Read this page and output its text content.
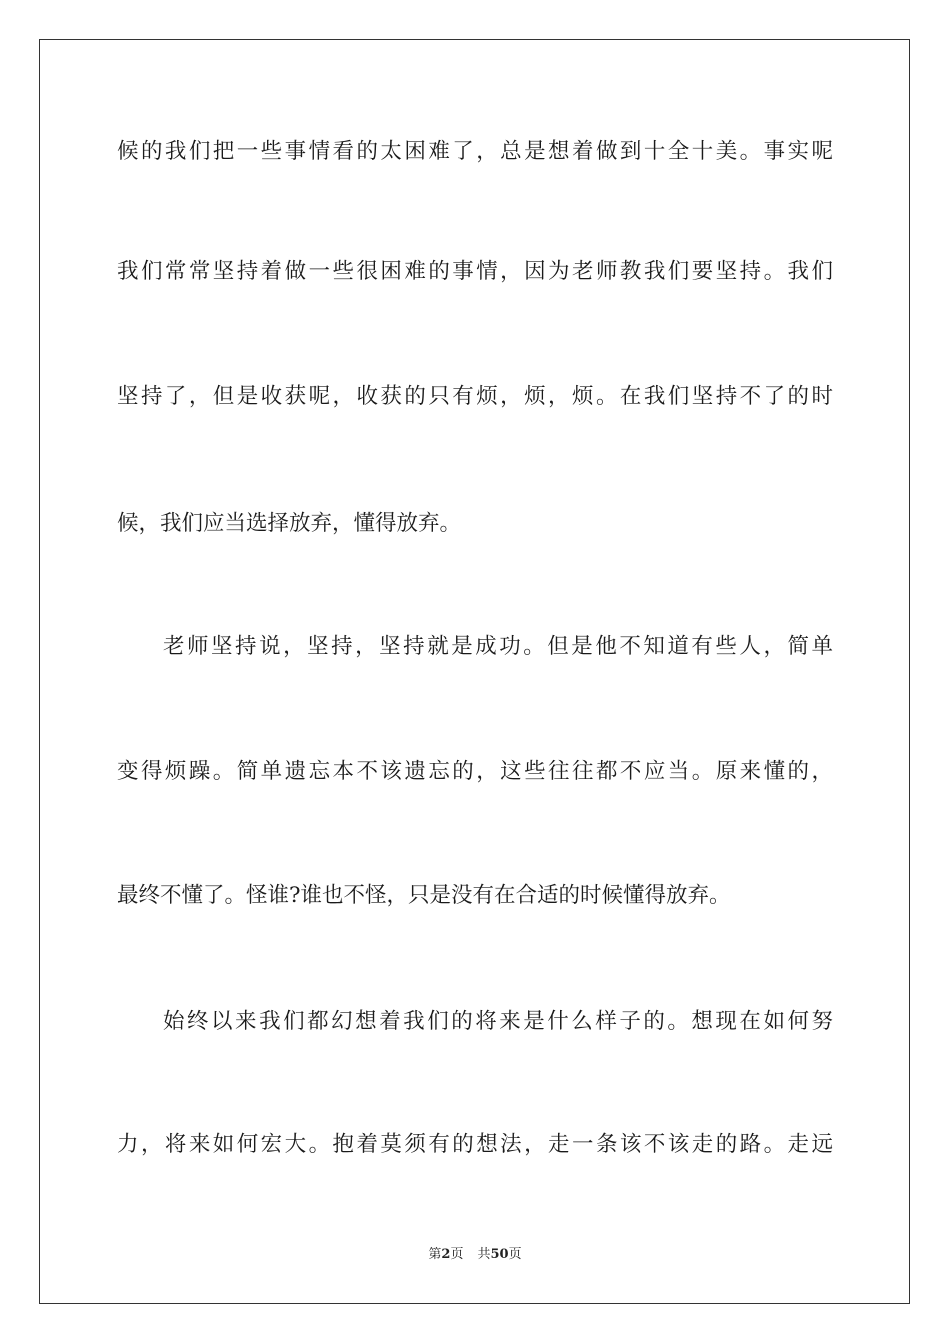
候的我们把一些事情看的太困难了，总是想着做到十全十美。事实呢
我们常常坚持着做一些很困难的事情，因为老师教我们要坚持。我们
坚持了，但是收获呢，收获的只有烦，烦，烦。在我们坚持不了的时
候，我们应当选择放弃，懂得放弃。
老师坚持说，坚持，坚持就是成功。但是他不知道有些人，简单
变得烦躁。简单遗忘本不该遗忘的，这些往往都不应当。原来懂的，
最终不懂了。怪谁?谁也不怪，只是没有在合适的时候懂得放弃。
始终以来我们都幻想着我们的将来是什么样子的。想现在如何努
力，将来如何宏大。抱着莫须有的想法，走一条该不该走的路。走远
第2页 共50页
